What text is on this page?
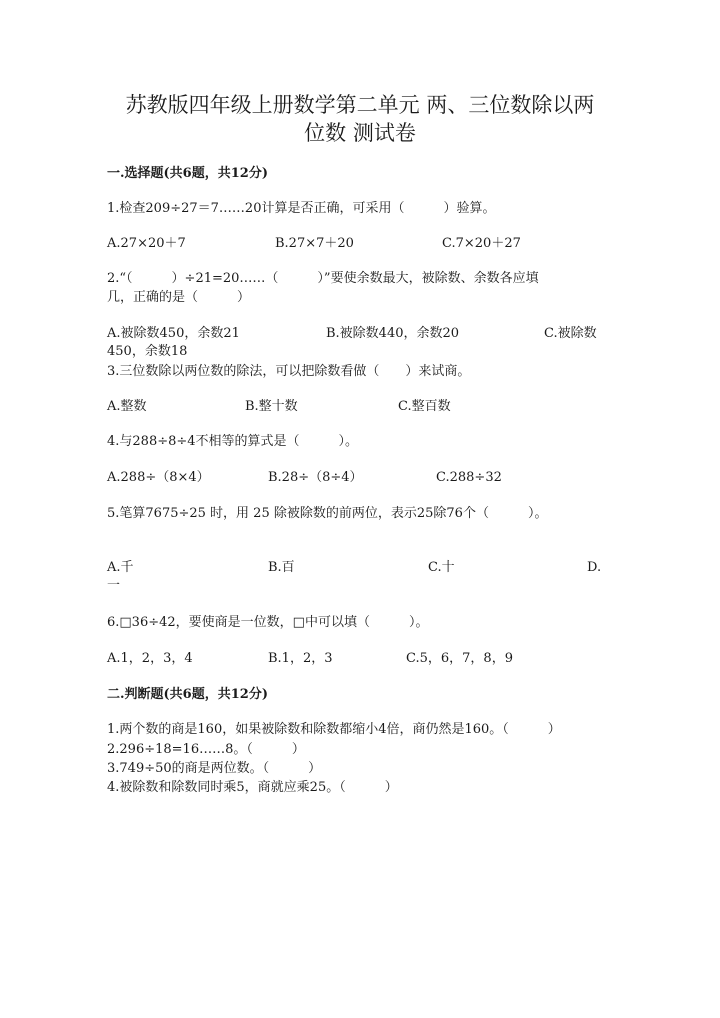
苏教版四年级上册数学第二单元 两、三位数除以两
位数 测试卷
一.选择题(共6题，共12分)
1.检查209÷27＝7……20计算是否正确，可采用（　　　）验算。
A.27×20＋7	B.27×7＋20	C.7×20＋27
2.“（　　　）÷21=20……（　　　）”要使余数最大，被除数、余数各应填
几，正确的是（　　　）
A.被除数450，余数21	B.被除数440，余数20	C.被除数
450，余数18
3.三位数除以两位数的除法，可以把除数看做（　　）来试商。
A.整数	B.整十数	C.整百数
4.与288÷8÷4不相等的算式是（　　　）。
A.288÷（8×4）	B.28÷（8÷4）	C.288÷32
5.笔算7675÷25 时，用 25 除被除数的前两位，表示25除76个（　　　）。
A.千	B.百	C.十	D.
一
6.□36÷42，要使商是一位数，□中可以填（　　　）。
A.1，2，3，4	B.1，2，3	C.5，6，7，8，9
二.判断题(共6题，共12分)
1.两个数的商是160，如果被除数和除数都缩小4倍，商仍然是160。（　　　）
2.296÷18=16……8。（　　　）
3.749÷50的商是两位数。（　　　）
4.被除数和除数同时乘5，商就应乘25。（　　　）
